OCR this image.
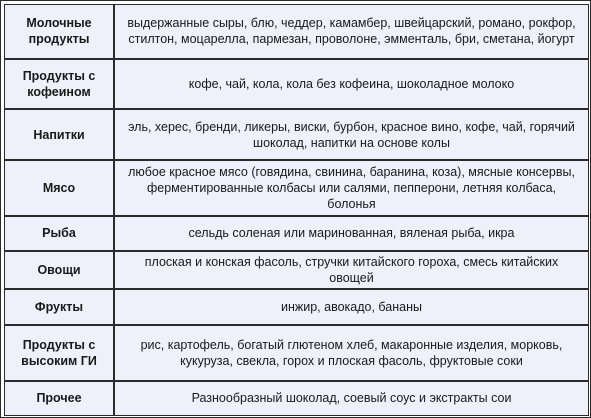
Молочные продукты	выдержанные сыры, блю, чеддер, камамбер, швейцарский, романо, рокфор, стилтон, моцарелла, пармезан, проволоне, эмменталь, бри, сметана, йогурт
Продукты с кофеином	кофе, чай, кола, кола без кофеина, шоколадное молоко
Напитки	эль, херес, бренди, ликеры, виски, бурбон, красное вино, кофе, чай, горячий шоколад, напитки на основе колы
Мясо	любое красное мясо (говядина, свинина, баранина, коза), мясные консервы, ферментированные колбасы или салями, пепперони, летняя колбаса, болонья
Рыба	сельдь соленая или маринованная, вяленая рыба, икра
Овощи	плоская и конская фасоль, стручки китайского гороха, смесь китайских овощей
Фрукты	инжир, авокадо, бананы
Продукты с высоким ГИ	рис, картофель, богатый глютеном хлеб, макаронные изделия, морковь, кукуруза, свекла, горох и плоская фасоль, фруктовые соки
Прочее	Разнообразный шоколад, соевый соус и экстракты сои
